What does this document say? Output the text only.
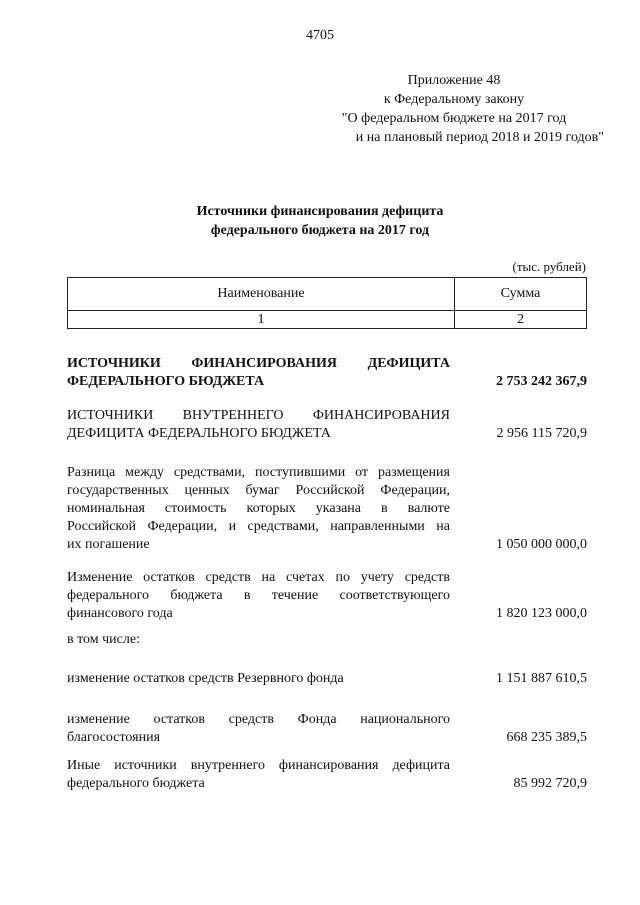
4705
Приложение 48
к Федеральному закону
"О федеральном бюджете на 2017 год
и на плановый период 2018 и 2019 годов"
Источники финансирования дефицита
федерального бюджета на 2017 год
(тыс. рублей)
Наименование	Сумма
1	2
ИСТОЧНИКИ ФИНАНСИРОВАНИЯ ДЕФИЦИТА
ФЕДЕРАЛЬНОГО БЮДЖЕТА	2 753 242 367,9
ИСТОЧНИКИ ВНУТРЕННЕГО ФИНАНСИРОВАНИЯ
ДЕФИЦИТА ФЕДЕРАЛЬНОГО БЮДЖЕТА	2 956 115 720,9
Разница между средствами, поступившими от размещения
государственных ценных бумаг Российской Федерации,
номинальная стоимость которых указана в валюте
Российской Федерации, и средствами, направленными на
их погашение	1 050 000 000,0
Изменение остатков средств на счетах по учету средств
федерального бюджета в течение соответствующего
финансового года	1 820 123 000,0
в том числе:
изменение остатков средств Резервного фонда	1 151 887 610,5
изменение остатков средств Фонда национального
благосостояния	668 235 389,5
Иные источники внутреннего финансирования дефицита
федерального бюджета	85 992 720,9
